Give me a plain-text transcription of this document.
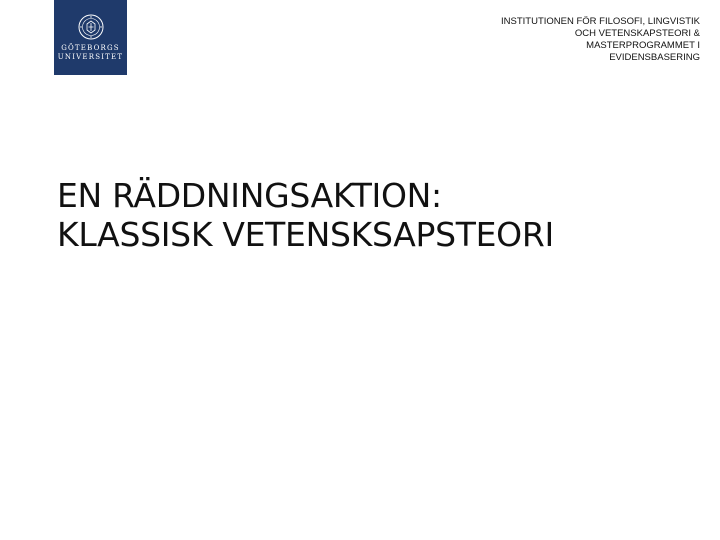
GÖTEBORGS
UNIVERSITET
INSTITUTIONEN FÖR FILOSOFI, LINGVISTIK OCH VETENSKAPSTEORI & MASTERPROGRAMMET I EVIDENSBASERING
EN RÄDDNINGSAKTION:
KLASSISK VETENSKSAPSTEORI
